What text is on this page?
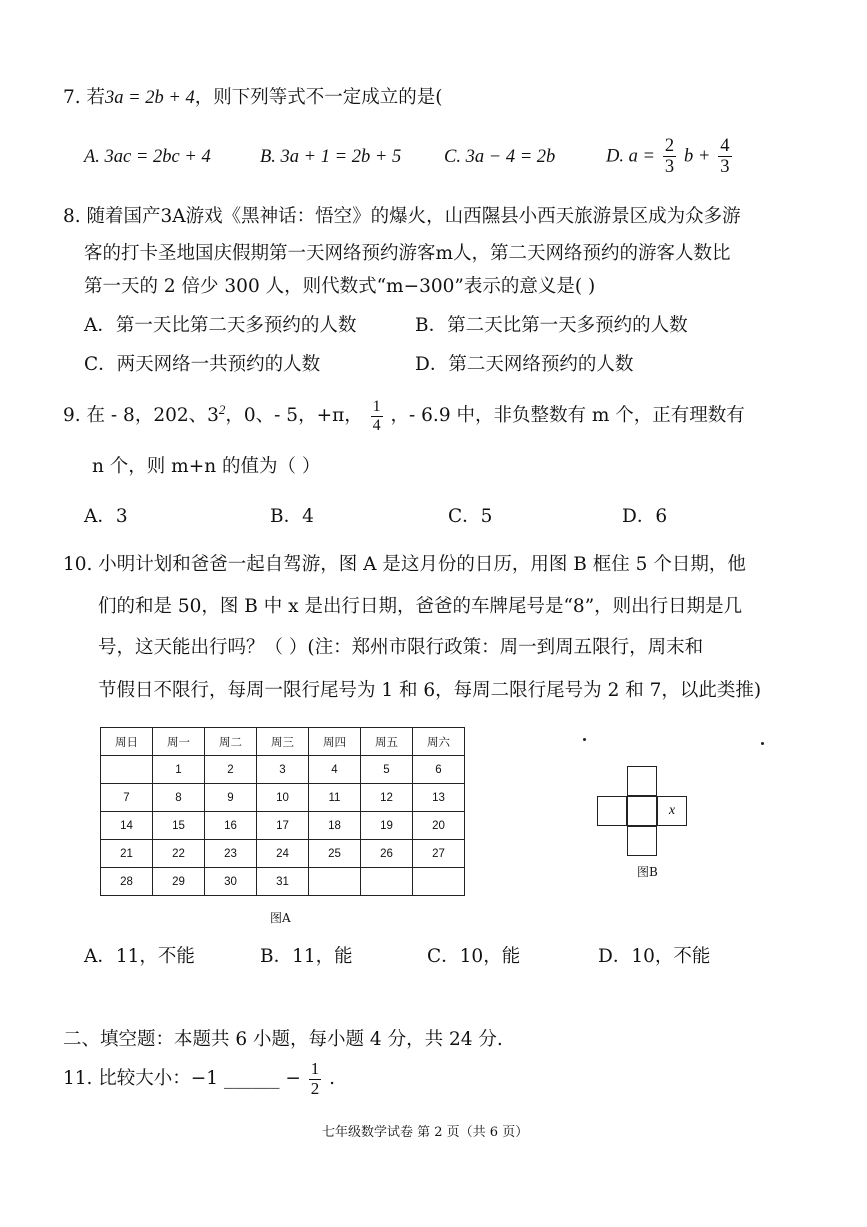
7. 若3a = 2b + 4，则下列等式不一定成立的是(
A. 3ac = 2bc + 4	B. 3a + 1 = 2b + 5 C. 3a − 4 = 2b	D. $a = \frac{2}{3}$ $b + \frac{4}{3}$
8. 随着国产3A游戏《黑神话：悟空》的爆火，山西隰县小西天旅游景区成为众多游
客的打卡圣地国庆假期第一天网络预约游客m人，第二天网络预约的游客人数比
第一天的 2 倍少 300 人，则代数式“m−300”表示的意义是( )
A．第一天比第二天多预约的人数	B．第二天比第一天多预约的人数
C．两天网络一共预约的人数	D．第二天网络预约的人数
9. 在 - 8，202、$3^2$，0、- 5，+π， $\frac{1}{4}$ ，- 6.9 中，非负整数有 m 个，正有理数有
n 个，则 m+n 的值为（ ）
A．3	B．4	C．5	D．6
10. 小明计划和爸爸一起自驾游，图 A 是这月份的日历，用图 B 框住 5 个日期，他
们的和是 50，图 B 中 x 是出行日期，爸爸的车牌尾号是“8”，则出行日期是几
号，这天能出行吗？（ ）(注：郑州市限行政策：周一到周五限行，周末和
节假日不限行，每周一限行尾号为 1 和 6，每周二限行尾号为 2 和 7，以此类推)
周日	周一	周二	周三	周四	周五	周六
	1	2	3	4	5	6
7	8	9	10	11	12	13
14	15	16	17	18	19	20
21	22	23	24	25	26	27
28	29	30	31			
图A
x
图B
A．11，不能	B．11，能	C．10，能	D．10，不能
二、填空题：本题共 6 小题，每小题 4 分，共 24 分.
11. 比较大小：−1 ______ − $\frac{1}{2}$ .
七年级数学试卷 第 2 页（共 6 页）
